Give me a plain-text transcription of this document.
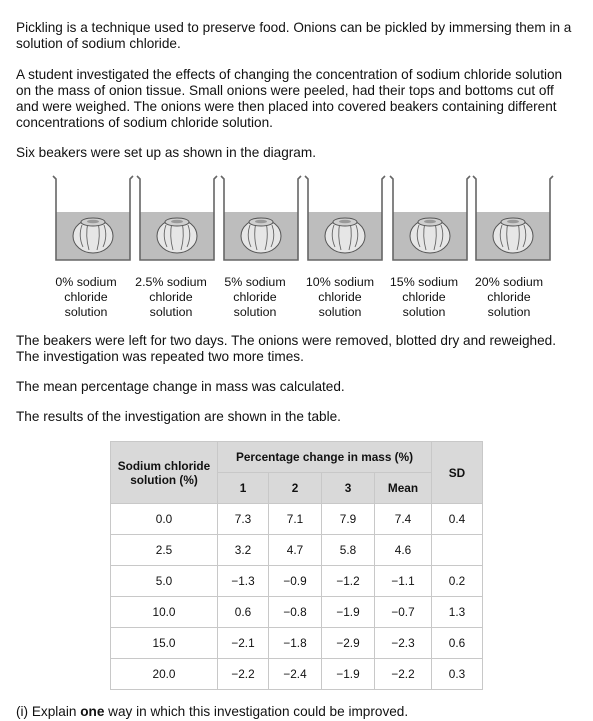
Pickling is a technique used to preserve food. Onions can be pickled by immersing them in a solution of sodium chloride.

A student investigated the effects of changing the concentration of sodium chloride solution on the mass of onion tissue. Small onions were peeled, had their tops and bottoms cut off and were weighed. The onions were then placed into covered beakers containing different concentrations of sodium chloride solution.

Six beakers were set up as shown in the diagram.

0% sodium
chloride
solution
2.5% sodium
chloride
solution
5% sodium
chloride
solution
10% sodium
chloride
solution
15% sodium
chloride
solution
20% sodium
chloride
solution

The beakers were left for two days. The onions were removed, blotted dry and reweighed. The investigation was repeated two more times.

The mean percentage change in mass was calculated.

The results of the investigation are shown in the table.

Sodium chloride solution (%)	Percentage change in mass (%)				SD
	1	2	3	Mean	
0.0	7.3	7.1	7.9	7.4	0.4
2.5	3.2	4.7	5.8	4.6	
5.0	−1.3	−0.9	−1.2	−1.1	0.2
10.0	0.6	−0.8	−1.9	−0.7	1.3
15.0	−2.1	−1.8	−2.9	−2.3	0.6
20.0	−2.2	−2.4	−1.9	−2.2	0.3

(i) Explain one way in which this investigation could be improved.
